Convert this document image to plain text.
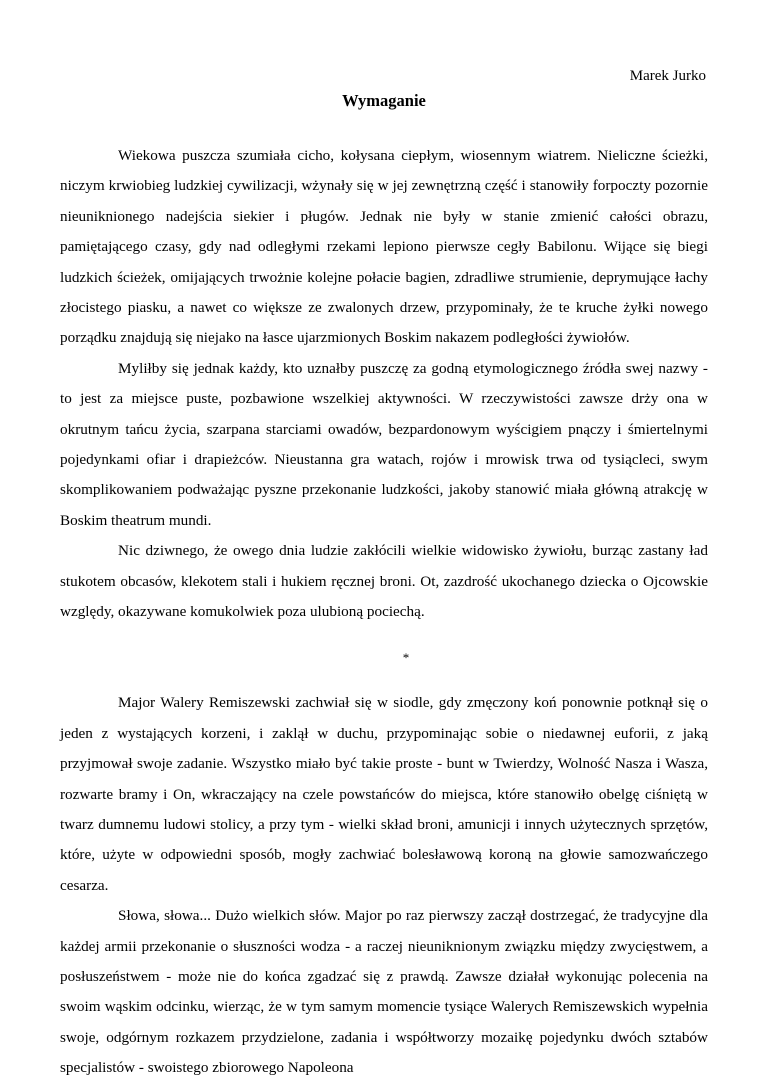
Marek Jurko
Wymaganie

Wiekowa puszcza szumiała cicho, kołysana ciepłym, wiosennym wiatrem. Nieliczne ścieżki, niczym krwiobieg ludzkiej cywilizacji, wżynały się w jej zewnętrzną część i stanowiły forpoczty pozornie nieuniknionego nadejścia siekier i pługów. Jednak nie były w stanie zmienić całości obrazu, pamiętającego czasy, gdy nad odległymi rzekami lepiono pierwsze cegły Babilonu. Wijące się biegi ludzkich ścieżek, omijających trwożnie kolejne połacie bagien, zdradliwe strumienie, deprymujące łachy złocistego piasku, a nawet co większe ze zwalonych drzew, przypominały, że te kruche żyłki nowego porządku znajdują się niejako na łasce ujarzmionych Boskim nakazem podległości żywiołów.

Myliłby się jednak każdy, kto uznałby puszczę za godną etymologicznego źródła swej nazwy - to jest za miejsce puste, pozbawione wszelkiej aktywności. W rzeczywistości zawsze drży ona w okrutnym tańcu życia, szarpana starciami owadów, bezpardonowym wyścigiem pnączy i śmiertelnymi pojedynkami ofiar i drapieżców. Nieustanna gra watach, rojów i mrowisk trwa od tysiącleci, swym skomplikowaniem podważając pyszne przekonanie ludzkości, jakoby stanowić miała główną atrakcję w Boskim theatrum mundi.

Nic dziwnego, że owego dnia ludzie zakłócili wielkie widowisko żywiołu, burząc zastany ład stukotem obcasów, klekotem stali i hukiem ręcznej broni. Ot, zazdrość ukochanego dziecka o Ojcowskie względy, okazywane komukolwiek poza ulubioną pociechą.

*

Major Walery Remiszewski zachwiał się w siodle, gdy zmęczony koń ponownie potknął się o jeden z wystających korzeni, i zaklął w duchu, przypominając sobie o niedawnej euforii, z jaką przyjmował swoje zadanie. Wszystko miało być takie proste - bunt w Twierdzy, Wolność Nasza i Wasza, rozwarte bramy i On, wkraczający na czele powstańców do miejsca, które stanowiło obelgę ciśniętą w twarz dumnemu ludowi stolicy, a przy tym - wielki skład broni, amunicji i innych użytecznych sprzętów, które, użyte w odpowiedni sposób, mogły zachwiać bolesławową koroną na głowie samozwańczego cesarza.

Słowa, słowa... Dużo wielkich słów. Major po raz pierwszy zaczął dostrzegać, że tradycyjne dla każdej armii przekonanie o słuszności wodza - a raczej nieuniknionym związku między zwycięstwem, a posłuszeństwem - może nie do końca zgadzać się z prawdą. Zawsze działał wykonując polecenia na swoim wąskim odcinku, wierząc, że w tym samym momencie tysiące Walerych Remiszewskich wypełnia swoje, odgórnym rozkazem przydzielone, zadania i współtworzy mozaikę pojedynku dwóch sztabów specjalistów - swoistego zbiorowego Napoleona
